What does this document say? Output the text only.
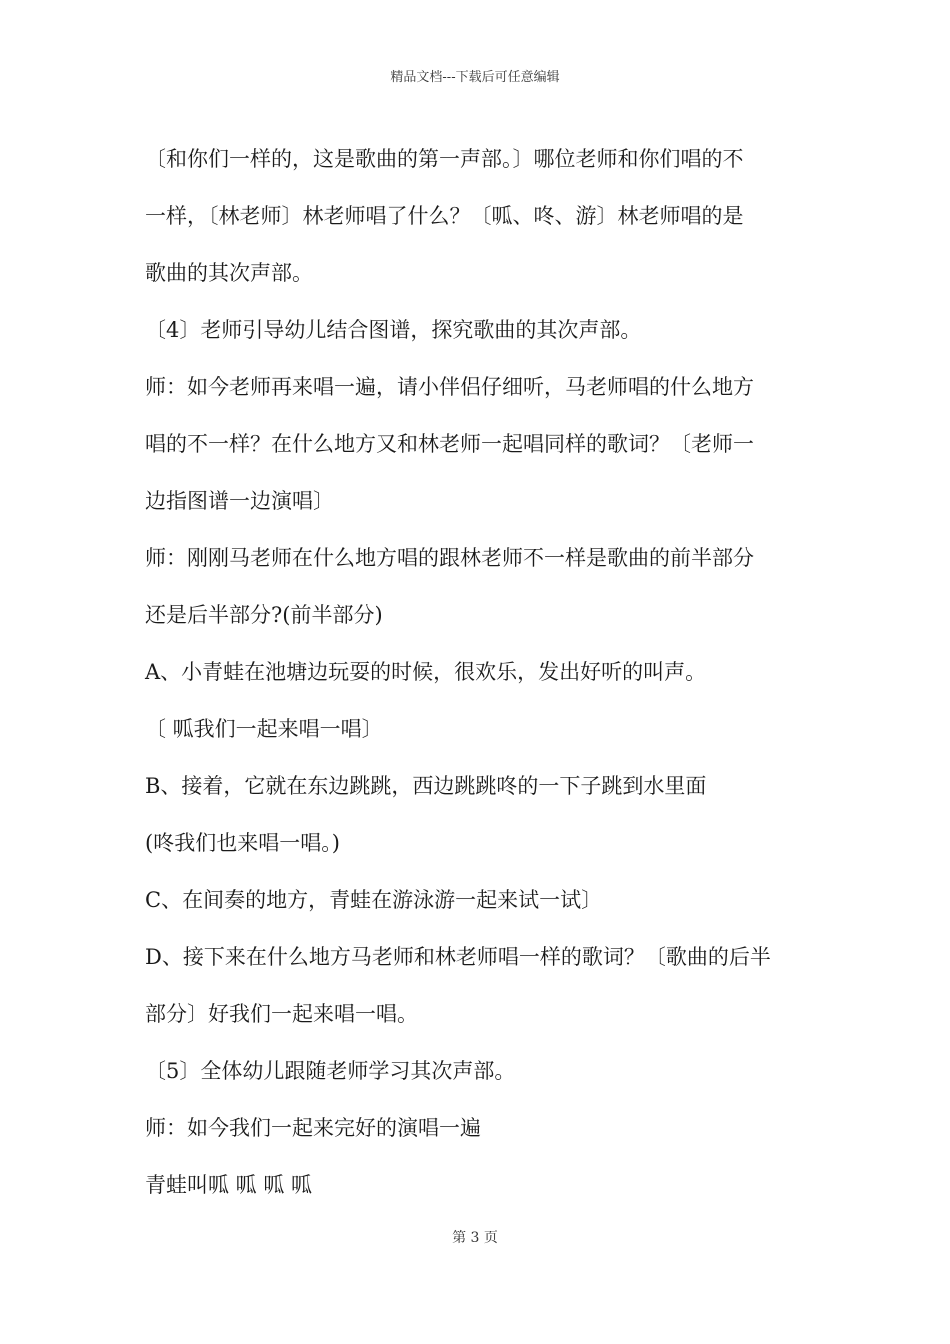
精品文档---下载后可任意编辑

〔和你们一样的，这是歌曲的第一声部。〕哪位老师和你们唱的不

一样，〔林老师〕林老师唱了什么？〔呱、咚、游〕林老师唱的是

歌曲的其次声部。

〔4〕老师引导幼儿结合图谱，探究歌曲的其次声部。

师：如今老师再来唱一遍，请小伴侣仔细听，马老师唱的什么地方

唱的不一样？在什么地方又和林老师一起唱同样的歌词？〔老师一

边指图谱一边演唱〕

师：刚刚马老师在什么地方唱的跟林老师不一样是歌曲的前半部分

还是后半部分?(前半部分)

A、小青蛙在池塘边玩耍的时候，很欢乐，发出好听的叫声。

〔 呱我们一起来唱一唱〕

B、接着，它就在东边跳跳，西边跳跳咚的一下子跳到水里面

(咚我们也来唱一唱。)

C、在间奏的地方，青蛙在游泳游一起来试一试〕

D、接下来在什么地方马老师和林老师唱一样的歌词？〔歌曲的后半

部分〕好我们一起来唱一唱。

〔5〕全体幼儿跟随老师学习其次声部。

师：如今我们一起来完好的演唱一遍

青蛙叫呱 呱 呱 呱

第 3 页
